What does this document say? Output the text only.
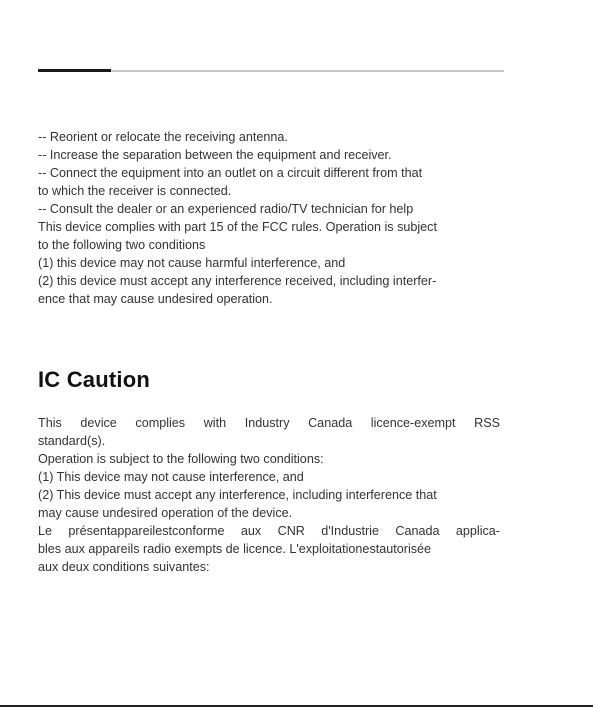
-- Reorient or relocate the receiving antenna.
-- Increase the separation between the equipment and receiver.
-- Connect the equipment into an outlet on a circuit different from that
to which the receiver is connected.
-- Consult the dealer or an experienced radio/TV technician for help
This device complies with part 15 of the FCC rules. Operation is subject
to the following two conditions
(1) this device may not cause harmful interference, and
(2) this device must accept any interference received, including interfer-
ence that may cause undesired operation.
IC Caution
This device complies with Industry Canada licence-exempt RSS
standard(s).
Operation is subject to the following two conditions:
(1) This device may not cause interference, and
(2) This device must accept any interference, including interference that
may cause undesired operation of the device.
Le présentappareilestconforme aux CNR d'Industrie Canada applica-
bles aux appareils radio exempts de licence. L'exploitationestautorisée
aux deux conditions suivantes:
